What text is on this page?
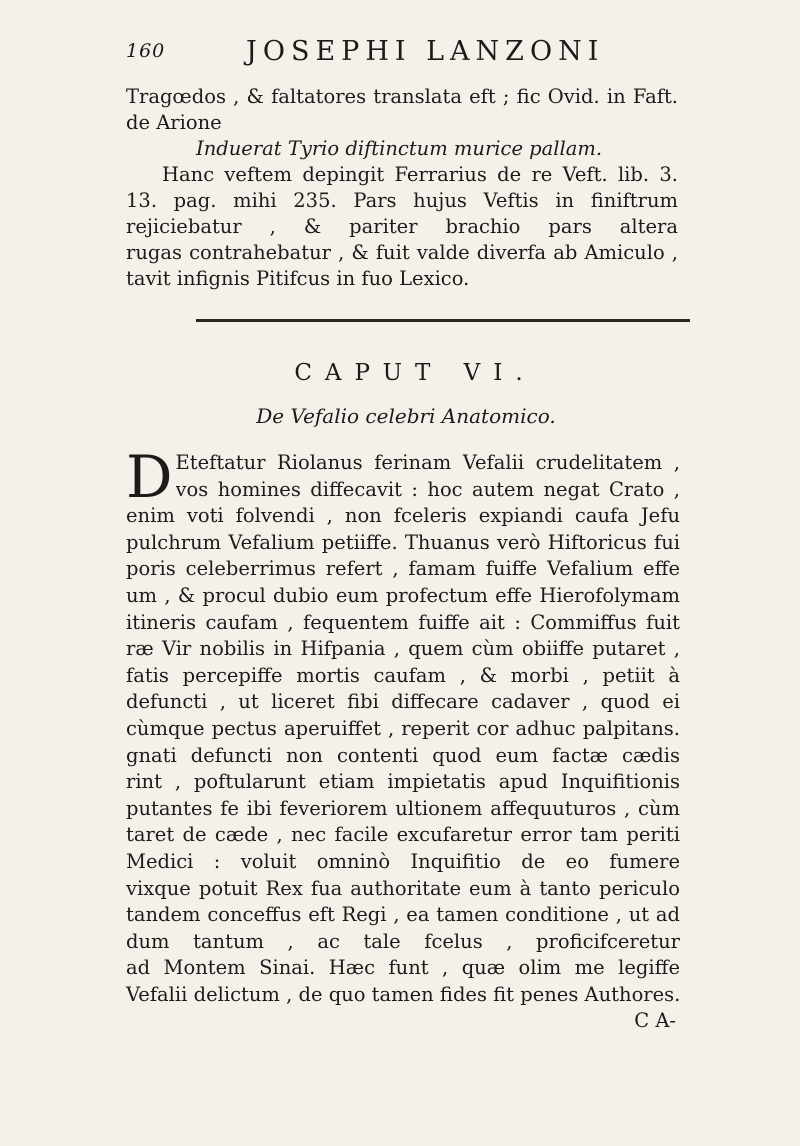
160	JOSEPHI LANZONI
Tragœdos , & faltatores translata eft ; fic Ovid. in Faft.
de Arione
Induerat Tyrio diftinctum murice pallam.
Hanc veftem depingit Ferrarius de re Veft. lib. 3.
13. pag. mihi 235. Pars hujus Veftis in finiftrum
rejiciebatur , & pariter brachio pars altera
rugas contrahebatur , & fuit valde diverfa ab Amiculo ,
tavit infignis Pitifcus in fuo Lexico.
CAPUT VI.
De Vefalio celebri Anatomico.
D Eteftatur Riolanus ferinam Vefalii crudelitatem ,
vos homines diffecavit : hoc autem negat Crato ,
enim voti folvendi , non fceleris expiandi caufa Jefu
pulchrum Vefalium petiiffe. Thuanus verò Hiftoricus fui
poris celeberrimus refert , famam fuiffe Vefalium effe
um , & procul dubio eum profectum effe Hierofolymam
itineris caufam , fequentem fuiffe ait : Commiffus fuit
ræ Vir nobilis in Hifpania , quem cùm obiiffe putaret ,
fatis percepiffe mortis caufam , & morbi , petiit à
defuncti , ut liceret fibi diffecare cadaver , quod ei
cùmque pectus aperuiffet , reperit cor adhuc palpitans.
gnati defuncti non contenti quod eum factæ cædis
rint , poftularunt etiam impietatis apud Inquifitionis
putantes fe ibi feveriorem ultionem affequuturos , cùm
taret de cæde , nec facile excufaretur error tam periti
Medici : voluit omninò Inquifitio de eo fumere
vixque potuit Rex fua authoritate eum à tanto periculo
tandem conceffus eft Regi , ea tamen conditione , ut ad
dum tantum , ac tale fcelus , proficifceretur
ad Montem Sinai. Hæc funt , quæ olim me legiffe
Vefalii delictum , de quo tamen fides fit penes Authores.
C A-
